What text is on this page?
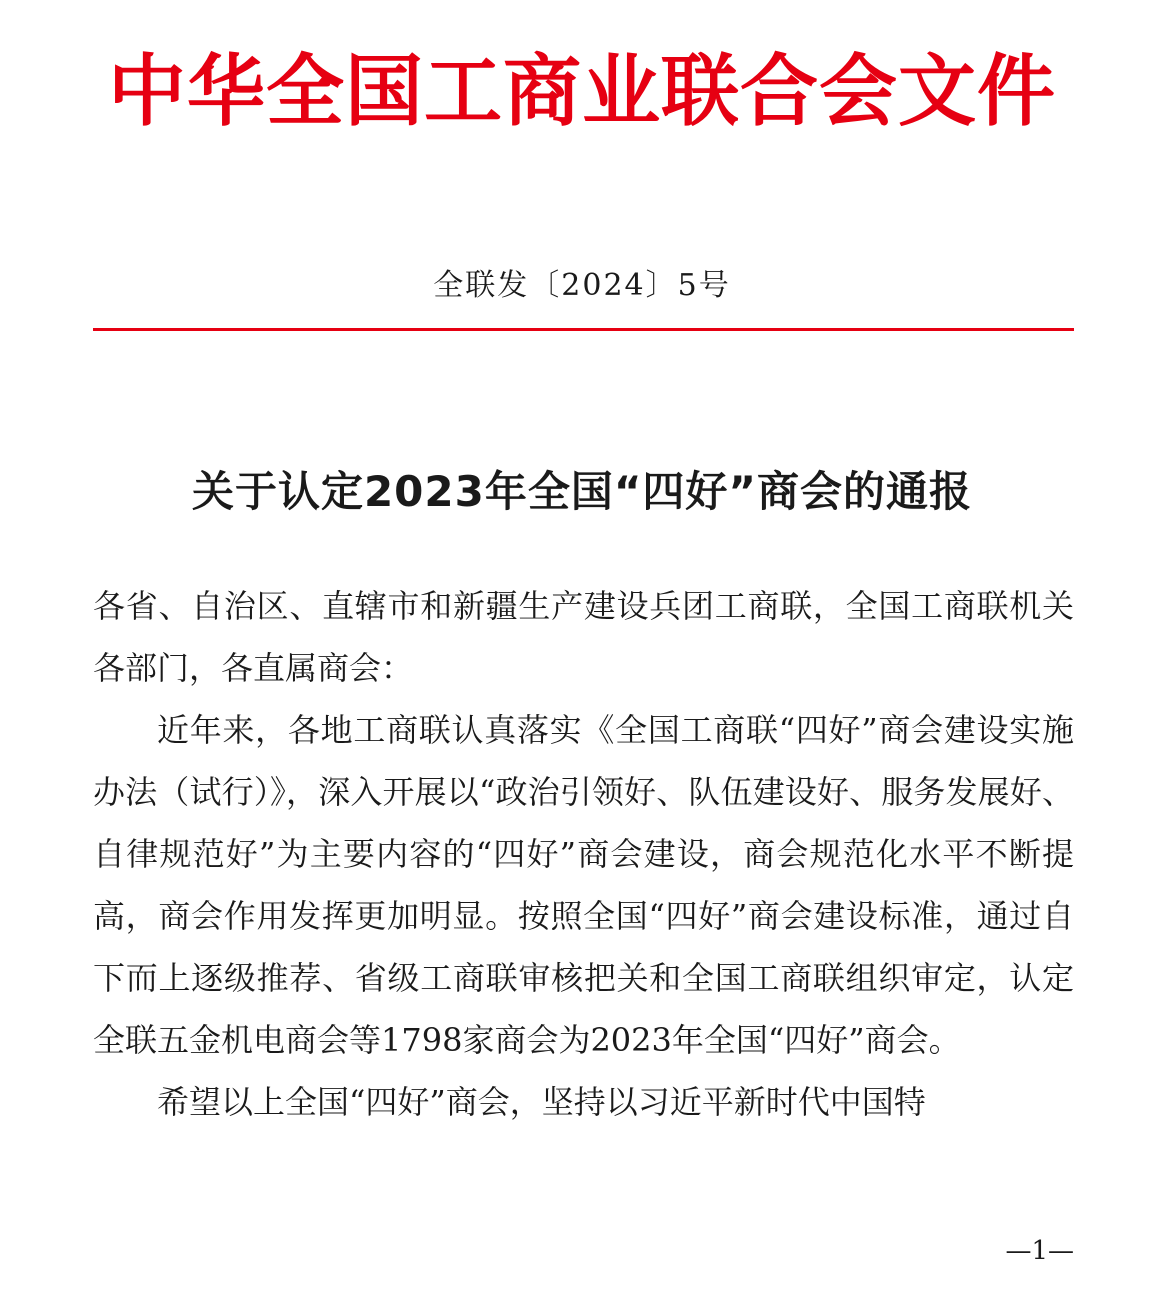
中华全国工商业联合会文件
全联发〔2024〕5号
关于认定2023年全国“四好”商会的通报

各省、自治区、直辖市和新疆生产建设兵团工商联，全国工商联机关各部门，各直属商会：

近年来，各地工商联认真落实《全国工商联“四好”商会建设实施办法（试行）》，深入开展以“政治引领好、队伍建设好、服务发展好、自律规范好”为主要内容的“四好”商会建设，商会规范化水平不断提高，商会作用发挥更加明显。按照全国“四好”商会建设标准，通过自下而上逐级推荐、省级工商联审核把关和全国工商联组织审定，认定全联五金机电商会等1798家商会为2023年全国“四好”商会。

希望以上全国“四好”商会，坚持以习近平新时代中国特

—1—
